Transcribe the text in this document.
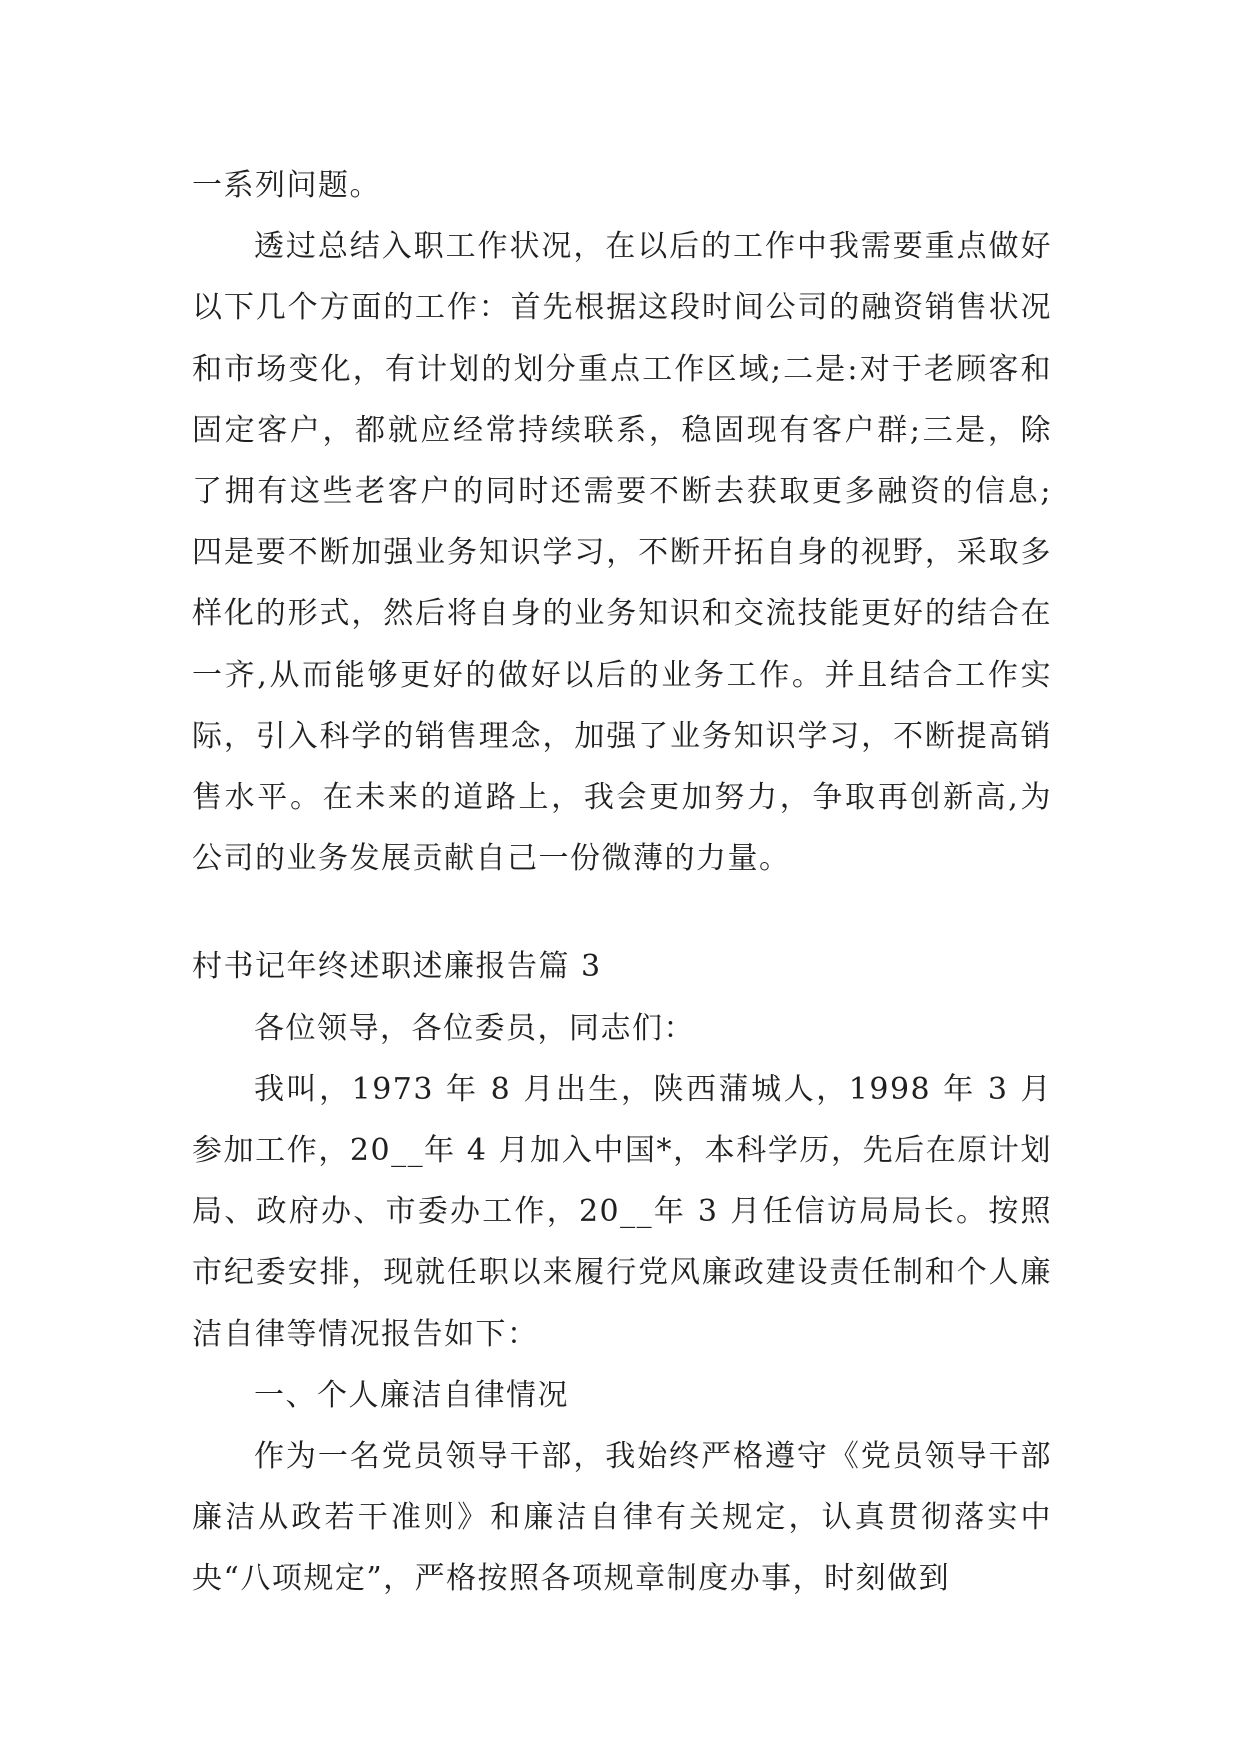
一系列问题。

透过总结入职工作状况，在以后的工作中我需要重点做好以下几个方面的工作：首先根据这段时间公司的融资销售状况和市场变化，有计划的划分重点工作区域;二是:对于老顾客和固定客户，都就应经常持续联系，稳固现有客户群;三是，除了拥有这些老客户的同时还需要不断去获取更多融资的信息;四是要不断加强业务知识学习，不断开拓自身的视野，采取多样化的形式，然后将自身的业务知识和交流技能更好的结合在一齐,从而能够更好的做好以后的业务工作。并且结合工作实际，引入科学的销售理念，加强了业务知识学习，不断提高销售水平。在未来的道路上，我会更加努力，争取再创新高,为公司的业务发展贡献自己一份微薄的力量。

村书记年终述职述廉报告篇 3

各位领导，各位委员，同志们：

我叫，1973 年 8 月出生，陕西蒲城人，1998 年 3 月参加工作，20__年 4 月加入中国*，本科学历，先后在原计划局、政府办、市委办工作，20__年 3 月任信访局局长。按照市纪委安排，现就任职以来履行党风廉政建设责任制和个人廉洁自律等情况报告如下：

一、个人廉洁自律情况

作为一名党员领导干部，我始终严格遵守《党员领导干部廉洁从政若干准则》和廉洁自律有关规定，认真贯彻落实中央“八项规定”，严格按照各项规章制度办事，时刻做到
